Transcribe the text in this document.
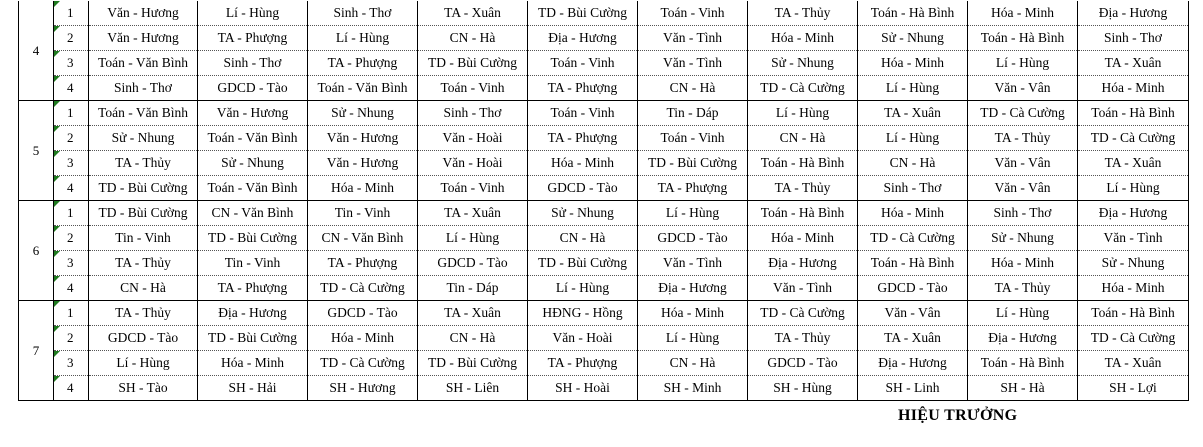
4	1	Văn - Hương	Lí - Hùng	Sinh - Thơ	TA - Xuân	TD - Bùi Cường	Toán - Vinh	TA - Thủy	Toán - Hà Bình	Hóa - Minh	Địa - Hương

2	Văn - Hương	TA - Phượng	Lí - Hùng	CN - Hà	Địa - Hương	Văn - Tình	Hóa - Minh	Sử - Nhung	Toán - Hà Bình	Sinh - Thơ

3	Toán - Văn Bình	Sinh - Thơ	TA - Phượng	TD - Bùi Cường	Toán - Vinh	Văn - Tình	Sử - Nhung	Hóa - Minh	Lí - Hùng	TA - Xuân

4	Sinh - Thơ	GDCD - Tào	Toán - Văn Bình	Toán - Vinh	TA - Phượng	CN - Hà	TD - Cà Cường	Lí - Hùng	Văn - Vân	Hóa - Minh
5	1	Toán - Văn Bình	Văn - Hương	Sử - Nhung	Sinh - Thơ	Toán - Vinh	Tin - Dáp	Lí - Hùng	TA - Xuân	TD - Cà Cường	Toán - Hà Bình

2	Sử - Nhung	Toán - Văn Bình	Văn - Hương	Văn - Hoài	TA - Phượng	Toán - Vinh	CN - Hà	Lí - Hùng	TA - Thủy	TD - Cà Cường

3	TA - Thủy	Sử - Nhung	Văn - Hương	Văn - Hoài	Hóa - Minh	TD - Bùi Cường	Toán - Hà Bình	CN - Hà	Văn - Vân	TA - Xuân

4	TD - Bùi Cường	Toán - Văn Bình	Hóa - Minh	Toán - Vinh	GDCD - Tào	TA - Phượng	TA - Thủy	Sinh - Thơ	Văn - Vân	Lí - Hùng
6	1	TD - Bùi Cường	CN - Văn Bình	Tin - Vinh	TA - Xuân	Sử - Nhung	Lí - Hùng	Toán - Hà Bình	Hóa - Minh	Sinh - Thơ	Địa - Hương

2	Tin - Vinh	TD - Bùi Cường	CN - Văn Bình	Lí - Hùng	CN - Hà	GDCD - Tào	Hóa - Minh	TD - Cà Cường	Sử - Nhung	Văn - Tình

3	TA - Thủy	Tin - Vinh	TA - Phượng	GDCD - Tào	TD - Bùi Cường	Văn - Tình	Địa - Hương	Toán - Hà Bình	Hóa - Minh	Sử - Nhung

4	CN - Hà	TA - Phượng	TD - Cà Cường	Tin - Dáp	Lí - Hùng	Địa - Hương	Văn - Tình	GDCD - Tào	TA - Thủy	Hóa - Minh
7	1	TA - Thủy	Địa - Hương	GDCD - Tào	TA - Xuân	HĐNG - Hồng	Hóa - Minh	TD - Cà Cường	Văn - Vân	Lí - Hùng	Toán - Hà Bình

2	GDCD - Tào	TD - Bùi Cường	Hóa - Minh	CN - Hà	Văn - Hoài	Lí - Hùng	TA - Thủy	TA - Xuân	Địa - Hương	TD - Cà Cường

3	Lí - Hùng	Hóa - Minh	TD - Cà Cường	TD - Bùi Cường	TA - Phượng	CN - Hà	GDCD - Tào	Địa - Hương	Toán - Hà Bình	TA - Xuân

4	SH - Tào	SH - Hải	SH - Hương	SH - Liên	SH - Hoài	SH - Minh	SH - Hùng	SH - Linh	SH - Hà	SH - Lợi
HIỆU TRƯỞNG
